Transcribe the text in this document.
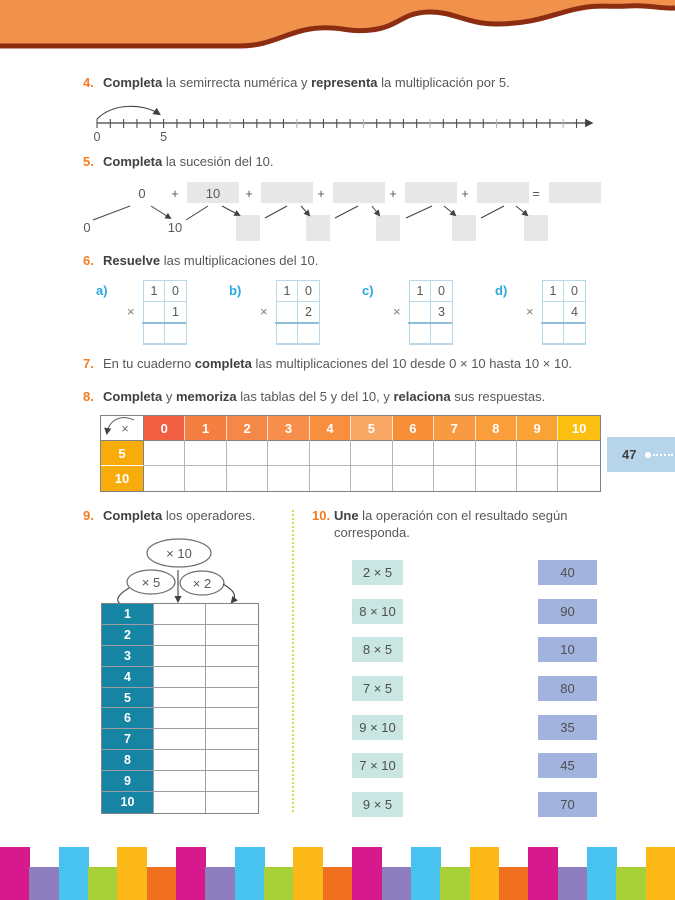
4. Completa la semirrecta numérica y representa la multiplicación por 5.
0	5
5. Completa la sucesión del 10.
0 + 10 +	+	+	+	=
0	10
6. Resuelve las multiplicaciones del 10.
a)
×
1	0
1
b)
×
1	0
2
c)
×
1	0
3
d)
×
1	0
4
7. En tu cuaderno completa las multiplicaciones del 10 desde 0 × 10 hasta 10 × 10.
8. Completa y memoriza las tablas del 5 y del 10, y relaciona sus respuestas.
×	0	1	2	3	4	5	6	7	8	9	10
5
10
47
9. Completa los operadores.
× 10
× 5	× 2
1
2
3
4
5
6
7
8
9
10
10. Une la operación con el resultado según
corresponda.
2 × 5	40
8 × 10	90
8 × 5	10
7 × 5	80
9 × 10	35
7 × 10	45
9 × 5	70
